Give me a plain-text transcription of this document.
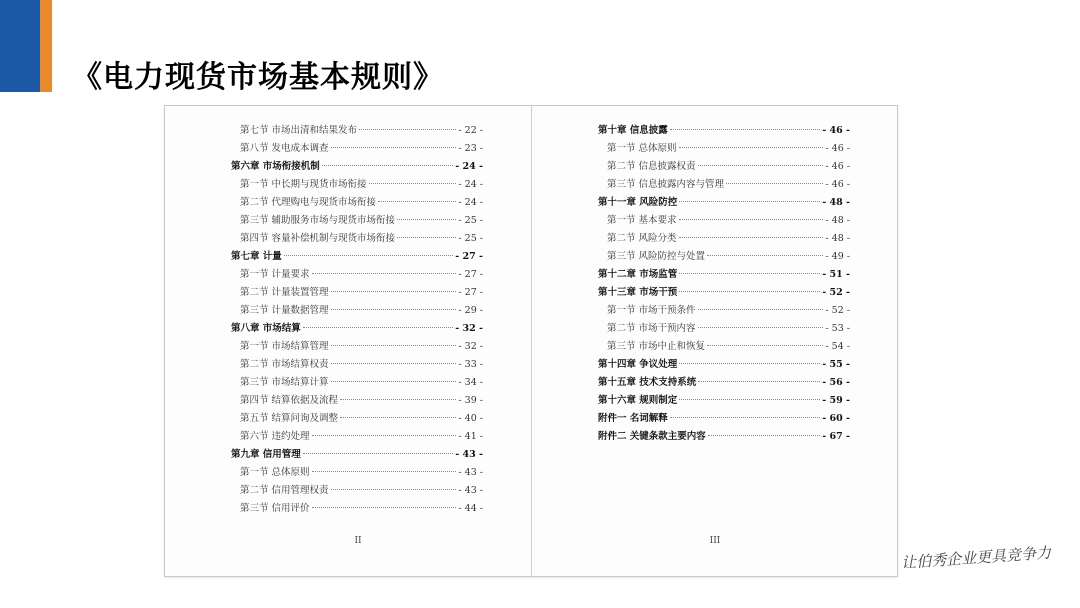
《电力现货市场基本规则》
第七节 市场出清和结果发布	- 22 -
第八节 发电成本调查	- 23 -
第六章 市场衔接机制	- 24 -
第一节 中长期与现货市场衔接	- 24 -
第二节 代理购电与现货市场衔接	- 24 -
第三节 辅助服务市场与现货市场衔接	- 25 -
第四节 容量补偿机制与现货市场衔接	- 25 -
第七章 计量	- 27 -
第一节 计量要求	- 27 -
第二节 计量装置管理	- 27 -
第三节 计量数据管理	- 29 -
第八章 市场结算	- 32 -
第一节 市场结算管理	- 32 -
第二节 市场结算权责	- 33 -
第三节 市场结算计算	- 34 -
第四节 结算依据及流程	- 39 -
第五节 结算问询及调整	- 40 -
第六节 违约处理	- 41 -
第九章 信用管理	- 43 -
第一节 总体原则	- 43 -
第二节 信用管理权责	- 43 -
第三节 信用评价	- 44 -
II
第十章 信息披露	- 46 -
第一节 总体原则	- 46 -
第二节 信息披露权责	- 46 -
第三节 信息披露内容与管理	- 46 -
第十一章 风险防控	- 48 -
第一节 基本要求	- 48 -
第二节 风险分类	- 48 -
第三节 风险防控与处置	- 49 -
第十二章 市场监管	- 51 -
第十三章 市场干预	- 52 -
第一节 市场干预条件	- 52 -
第二节 市场干预内容	- 53 -
第三节 市场中止和恢复	- 54 -
第十四章 争议处理	- 55 -
第十五章 技术支持系统	- 56 -
第十六章 规则制定	- 59 -
附件一 名词解释	- 60 -
附件二 关键条款主要内容	- 67 -
III
让伯秀企业更具竞争力
